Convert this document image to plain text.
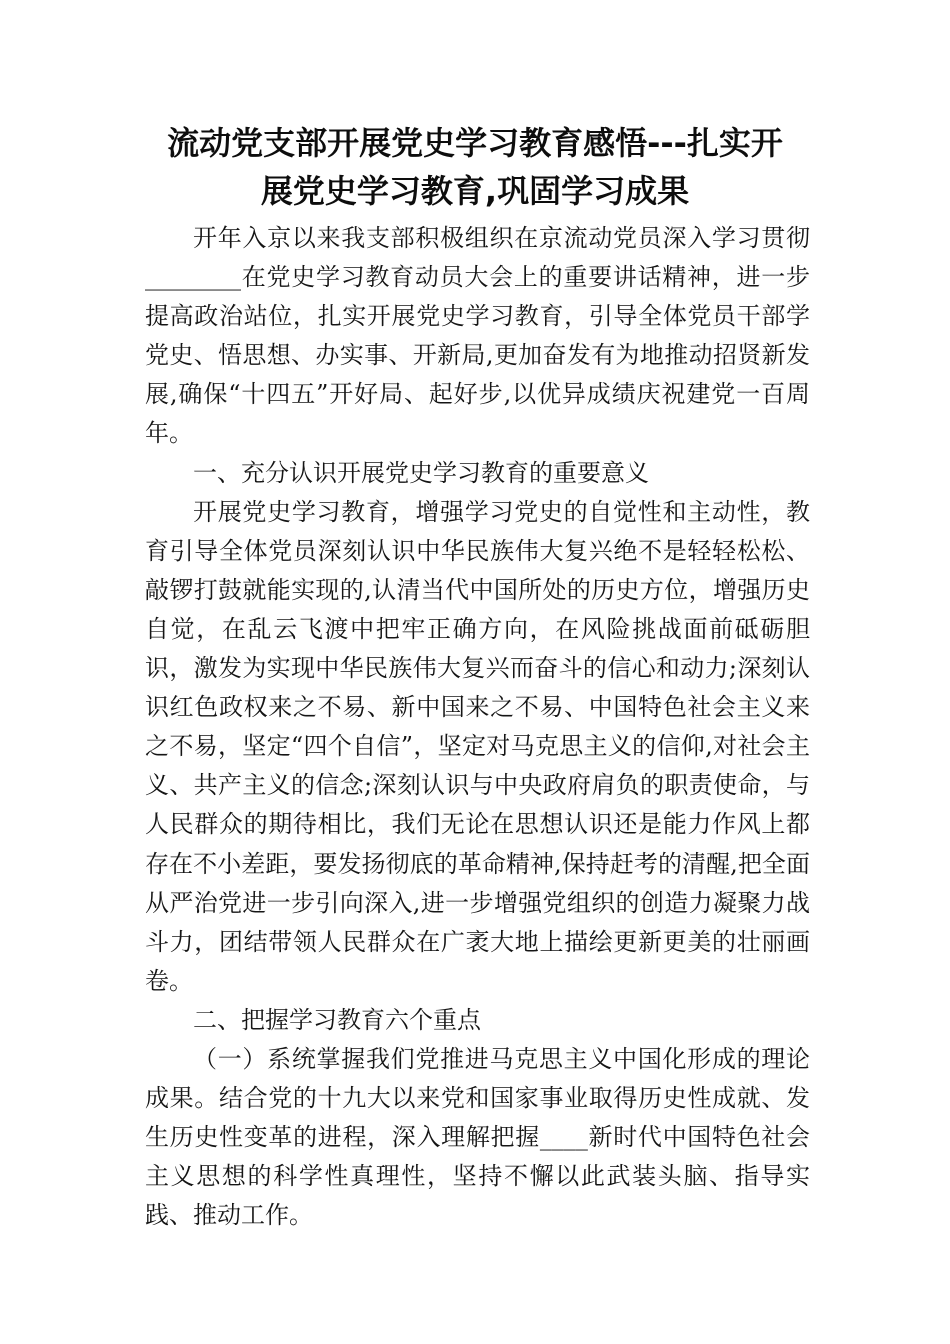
流动党支部开展党史学习教育感悟---扎实开
展党史学习教育,巩固学习成果

开年入京以来我支部积极组织在京流动党员深入学习贯彻________在党史学习教育动员大会上的重要讲话精神，进一步提高政治站位，扎实开展党史学习教育，引导全体党员干部学党史、悟思想、办实事、开新局,更加奋发有为地推动招贤新发展,确保“十四五”开好局、起好步,以优异成绩庆祝建党一百周年。

一、充分认识开展党史学习教育的重要意义

开展党史学习教育，增强学习党史的自觉性和主动性，教育引导全体党员深刻认识中华民族伟大复兴绝不是轻轻松松、敲锣打鼓就能实现的,认清当代中国所处的历史方位，增强历史自觉，在乱云飞渡中把牢正确方向，在风险挑战面前砥砺胆识，激发为实现中华民族伟大复兴而奋斗的信心和动力;深刻认识红色政权来之不易、新中国来之不易、中国特色社会主义来之不易，坚定“四个自信”，坚定对马克思主义的信仰,对社会主义、共产主义的信念;深刻认识与中央政府肩负的职责使命，与人民群众的期待相比，我们无论在思想认识还是能力作风上都存在不小差距，要发扬彻底的革命精神,保持赶考的清醒,把全面从严治党进一步引向深入,进一步增强党组织的创造力凝聚力战斗力，团结带领人民群众在广袤大地上描绘更新更美的壮丽画卷。

二、把握学习教育六个重点

（一）系统掌握我们党推进马克思主义中国化形成的理论成果。结合党的十九大以来党和国家事业取得历史性成就、发生历史性变革的进程，深入理解把握____新时代中国特色社会主义思想的科学性真理性，坚持不懈以此武装头脑、指导实践、推动工作。
